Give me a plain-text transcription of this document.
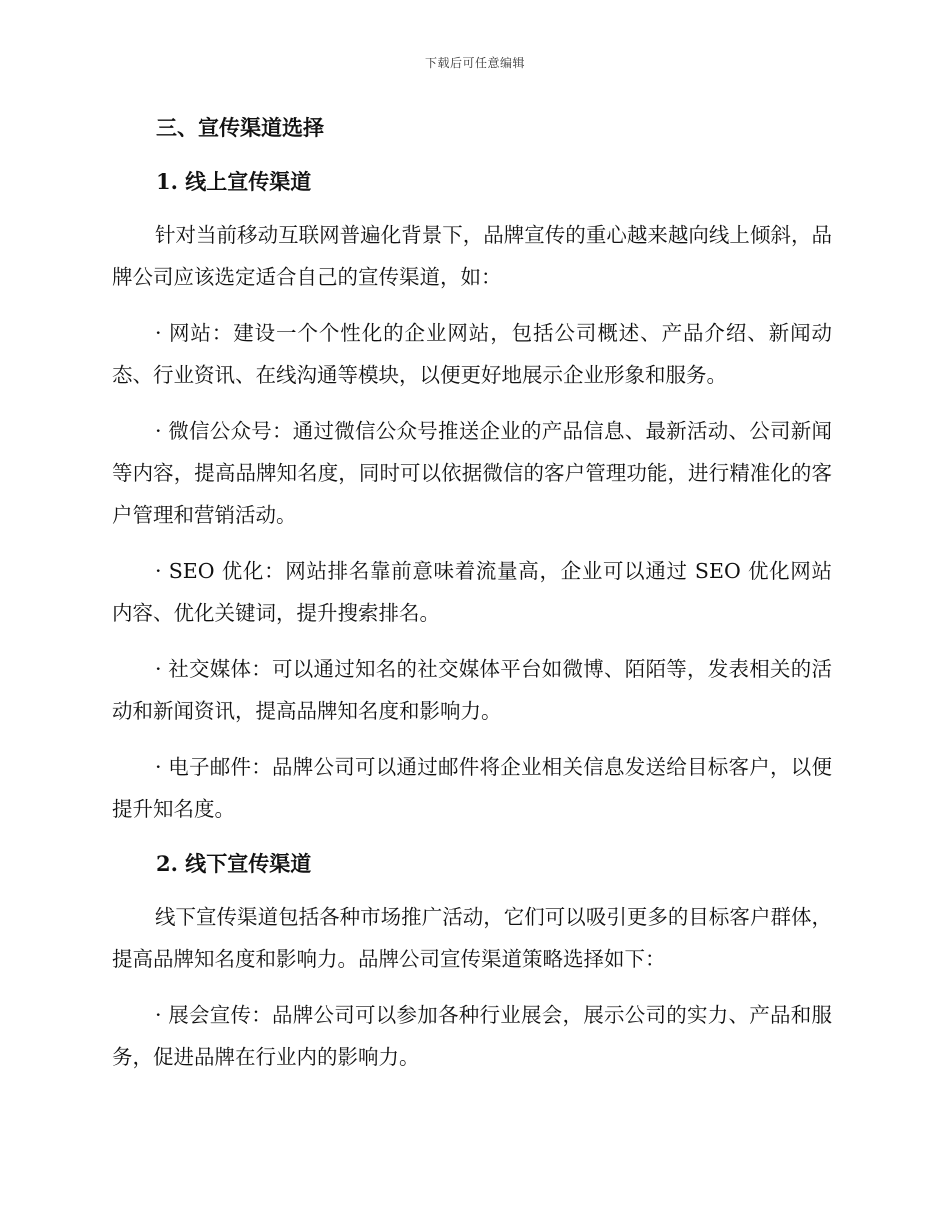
下载后可任意编辑
三、宣传渠道选择
1. 线上宣传渠道

针对当前移动互联网普遍化背景下，品牌宣传的重心越来越向线上倾斜，品牌公司应该选定适合自己的宣传渠道，如：

· 网站：建设一个个性化的企业网站，包括公司概述、产品介绍、新闻动态、行业资讯、在线沟通等模块，以便更好地展示企业形象和服务。

· 微信公众号：通过微信公众号推送企业的产品信息、最新活动、公司新闻等内容，提高品牌知名度，同时可以依据微信的客户管理功能，进行精准化的客户管理和营销活动。

· SEO 优化：网站排名靠前意味着流量高，企业可以通过 SEO 优化网站内容、优化关键词，提升搜索排名。

· 社交媒体：可以通过知名的社交媒体平台如微博、陌陌等，发表相关的活动和新闻资讯，提高品牌知名度和影响力。

· 电子邮件：品牌公司可以通过邮件将企业相关信息发送给目标客户，以便提升知名度。

2. 线下宣传渠道

线下宣传渠道包括各种市场推广活动，它们可以吸引更多的目标客户群体，提高品牌知名度和影响力。品牌公司宣传渠道策略选择如下：

· 展会宣传：品牌公司可以参加各种行业展会，展示公司的实力、产品和服务，促进品牌在行业内的影响力。
